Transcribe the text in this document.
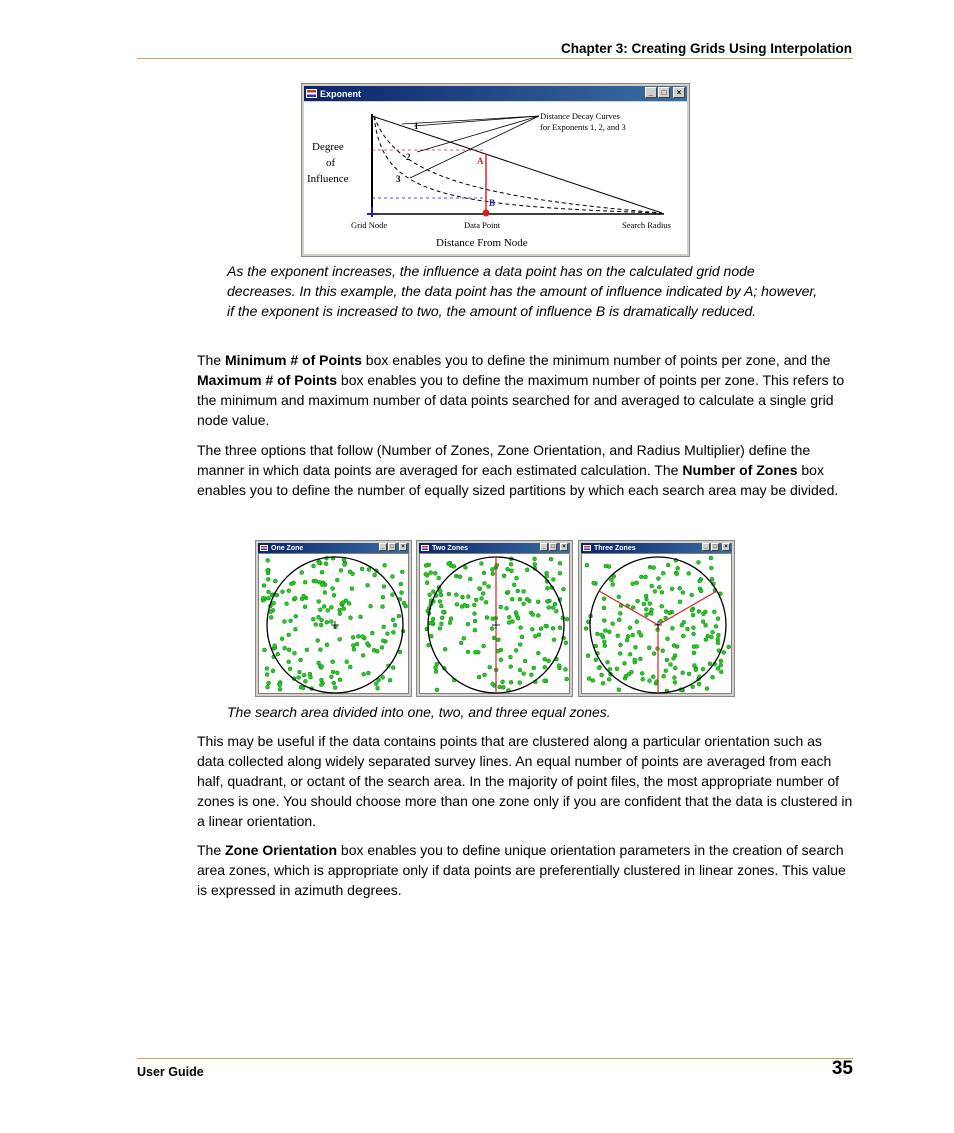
Chapter 3: Creating Grids Using Interpolation
Exponent	_	□	×
Distance Decay Curves
for Exponents 1, 2, and 3
1
2
3
A
B
Degree
of
Influence
Grid Node	Data Point	Search Radius
Distance From Node
As the exponent increases, the influence a data point has on the calculated grid node decreases. In this example, the data point has the amount of influence indicated by A; however, if the exponent is increased to two, the amount of influence B is dramatically reduced.
The Minimum # of Points box enables you to define the minimum number of points per zone, and the Maximum # of Points box enables you to define the maximum number of points per zone. This refers to the minimum and maximum number of data points searched for and averaged to calculate a single grid node value.
The three options that follow (Number of Zones, Zone Orientation, and Radius Multiplier) define the manner in which data points are averaged for each estimated calculation. The Number of Zones box enables you to define the number of equally sized partitions by which each search area may be divided.
One Zone	_ □	×	Two Zones	_ □	×	Three Zones	_ □	×
The search area divided into one, two, and three equal zones.
This may be useful if the data contains points that are clustered along a particular orientation such as data collected along widely separated survey lines. An equal number of points are averaged from each half, quadrant, or octant of the search area. In the majority of point files, the most appropriate number of zones is one. You should choose more than one zone only if you are confident that the data is clustered in a linear orientation.
The Zone Orientation box enables you to define unique orientation parameters in the creation of search area zones, which is appropriate only if data points are preferentially clustered in linear zones. This value is expressed in azimuth degrees.
User Guide	35
